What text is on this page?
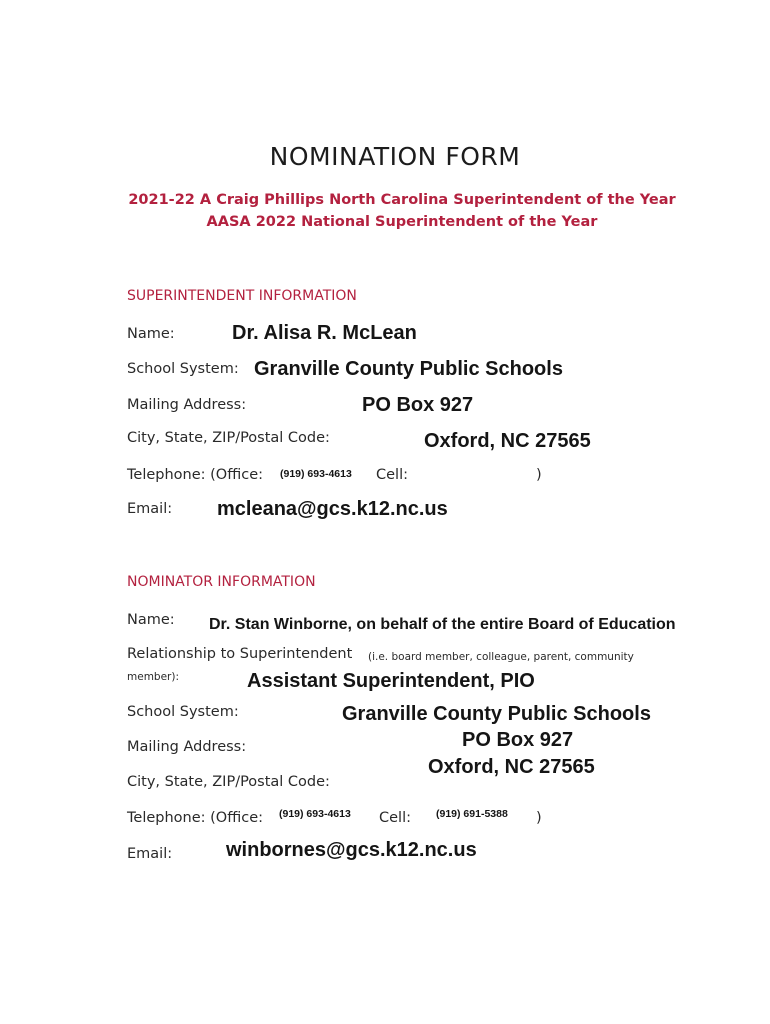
NOMINATION FORM
2021-22 A Craig Phillips North Carolina Superintendent of the Year
AASA 2022 National Superintendent of the Year
SUPERINTENDENT INFORMATION
Name:	Dr. Alisa R. McLean
School System: Granville County Public Schools
Mailing Address:	PO Box 927
City, State, ZIP/Postal Code:	Oxford, NC 27565
Telephone: (Office: (919) 693-4613 Cell:	)
Email: mcleana@gcs.k12.nc.us
NOMINATOR INFORMATION
Name: Dr. Stan Winborne, on behalf of the entire Board of Education
Relationship to Superintendent (i.e. board member, colleague, parent, community
member):	Assistant Superintendent, PIO
School System:	Granville County Public Schools
Mailing Address:	PO Box 927
City, State, ZIP/Postal Code:
Oxford, NC 27565
Telephone: (Office: (919) 693-4613 Cell: (919) 691-5388 )
Email:	winbornes@gcs.k12.nc.us
